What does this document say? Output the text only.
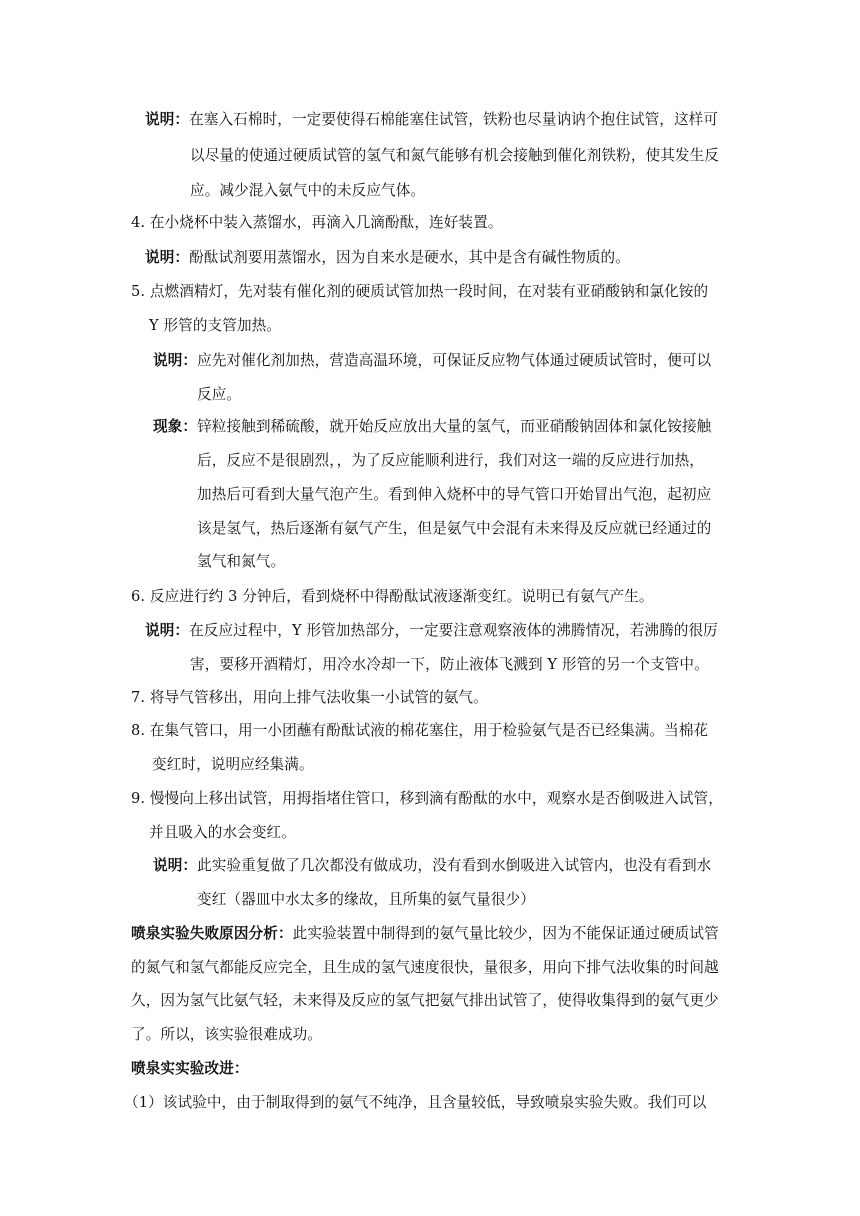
说明：在塞入石棉时，一定要使得石棉能塞住试管，铁粉也尽量讷讷个抱住试管，这样可
以尽量的使通过硬质试管的氢气和氮气能够有机会接触到催化剂铁粉，使其发生反
应。减少混入氨气中的未反应气体。
4. 在小烧杯中装入蒸馏水，再滴入几滴酚酞，连好装置。
说明：酚酞试剂要用蒸馏水，因为自来水是硬水，其中是含有碱性物质的。
5. 点燃酒精灯，先对装有催化剂的硬质试管加热一段时间，在对装有亚硝酸钠和氯化铵的
Y 形管的支管加热。
说明：应先对催化剂加热，营造高温环境，可保证反应物气体通过硬质试管时，便可以
反应。
现象：锌粒接触到稀硫酸，就开始反应放出大量的氢气，而亚硝酸钠固体和氯化铵接触
后，反应不是很剧烈，，为了反应能顺利进行，我们对这一端的反应进行加热，
加热后可看到大量气泡产生。看到伸入烧杯中的导气管口开始冒出气泡，起初应
该是氢气，热后逐渐有氨气产生，但是氨气中会混有未来得及反应就已经通过的
氢气和氮气。
6. 反应进行约 3 分钟后，看到烧杯中得酚酞试液逐渐变红。说明已有氨气产生。
说明：在反应过程中，Y 形管加热部分，一定要注意观察液体的沸腾情况，若沸腾的很厉
害，要移开酒精灯，用冷水冷却一下，防止液体飞溅到 Y 形管的另一个支管中。
7. 将导气管移出，用向上排气法收集一小试管的氨气。
8. 在集气管口，用一小团蘸有酚酞试液的棉花塞住，用于检验氨气是否已经集满。当棉花
变红时，说明应经集满。
9. 慢慢向上移出试管，用拇指堵住管口，移到滴有酚酞的水中，观察水是否倒吸进入试管，
并且吸入的水会变红。
说明：此实验重复做了几次都没有做成功，没有看到水倒吸进入试管内，也没有看到水
变红（器皿中水太多的缘故，且所集的氨气量很少）
喷泉实验失败原因分析：此实验装置中制得到的氨气量比较少，因为不能保证通过硬质试管
的氮气和氢气都能反应完全，且生成的氢气速度很快，量很多，用向下排气法收集的时间越
久，因为氢气比氨气轻，未来得及反应的氢气把氨气排出试管了，使得收集得到的氨气更少
了。所以，该实验很难成功。
喷泉实实验改进：
（1）该试验中，由于制取得到的氨气不纯净，且含量较低，导致喷泉实验失败。我们可以
